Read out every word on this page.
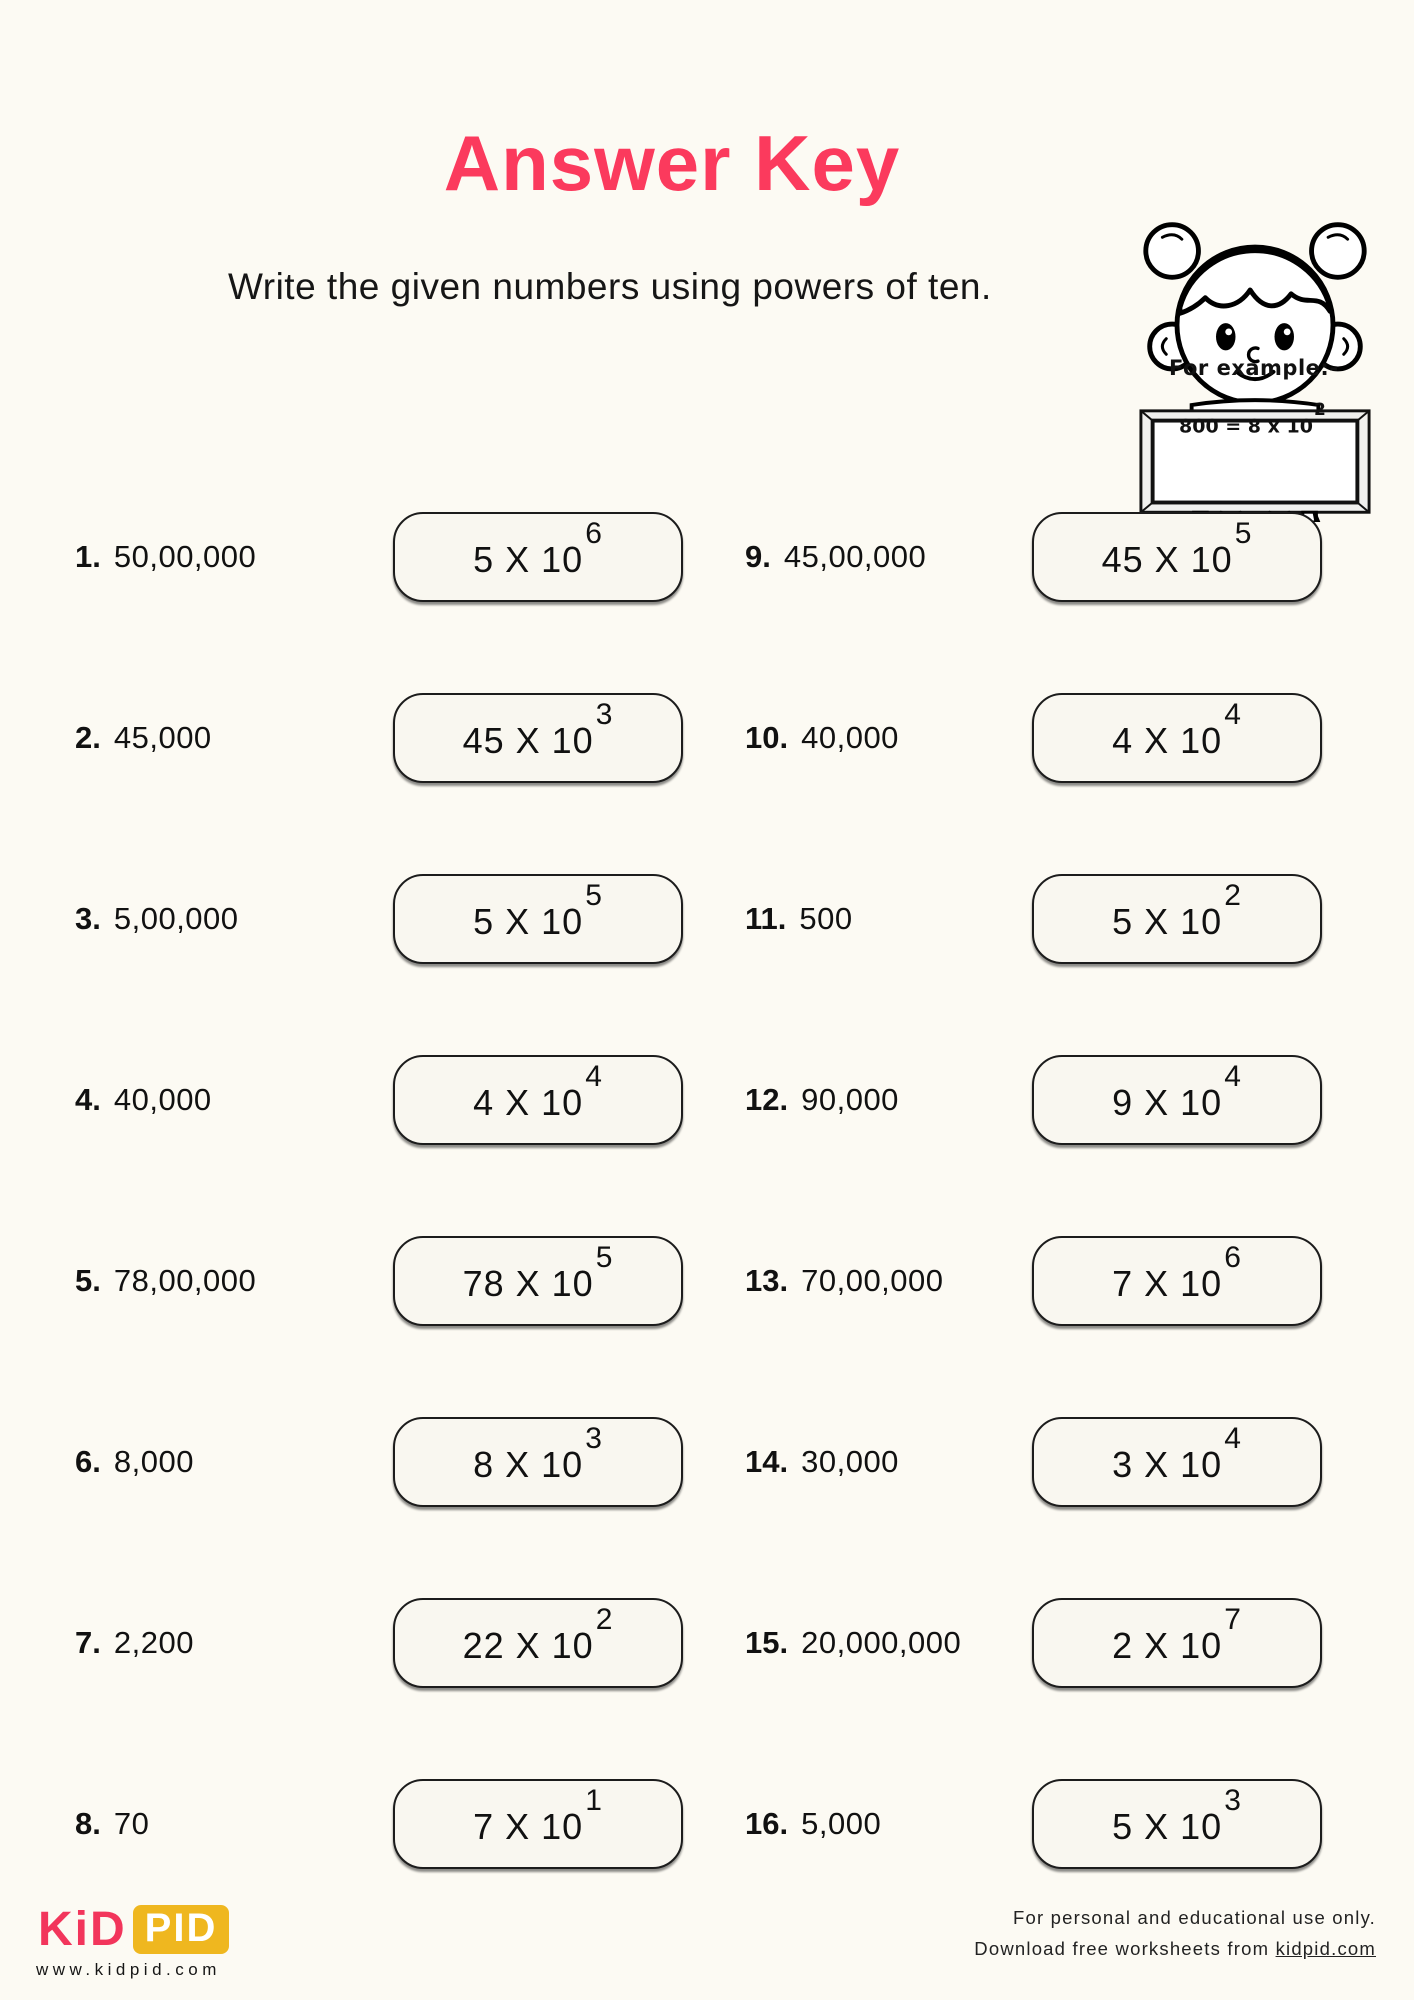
Answer Key
Write the given numbers using powers of ten.
For example:-
800 = 8 x $10^2$
1. 50,00,000	5 X $10^6$
2. 45,000	45 X $10^3$
3. 5,00,000	5 X $10^5$
4. 40,000	4 X $10^4$
5. 78,00,000	78 X $10^5$
6. 8,000	8 X $10^3$
7. 2,200	22 X $10^2$
8. 70	7 X $10^1$
9. 45,00,000	45 X $10^5$
10. 40,000	4 X $10^4$
11. 500	5 X $10^2$
12. 90,000	9 X $10^4$
13. 70,00,000	7 X $10^6$
14. 30,000	3 X $10^4$
15. 20,000,000	2 X $10^7$
16. 5,000	5 X $10^3$
KiD PID
www.kidpid.com
For personal and educational use only.
Download free worksheets from kidpid.com
